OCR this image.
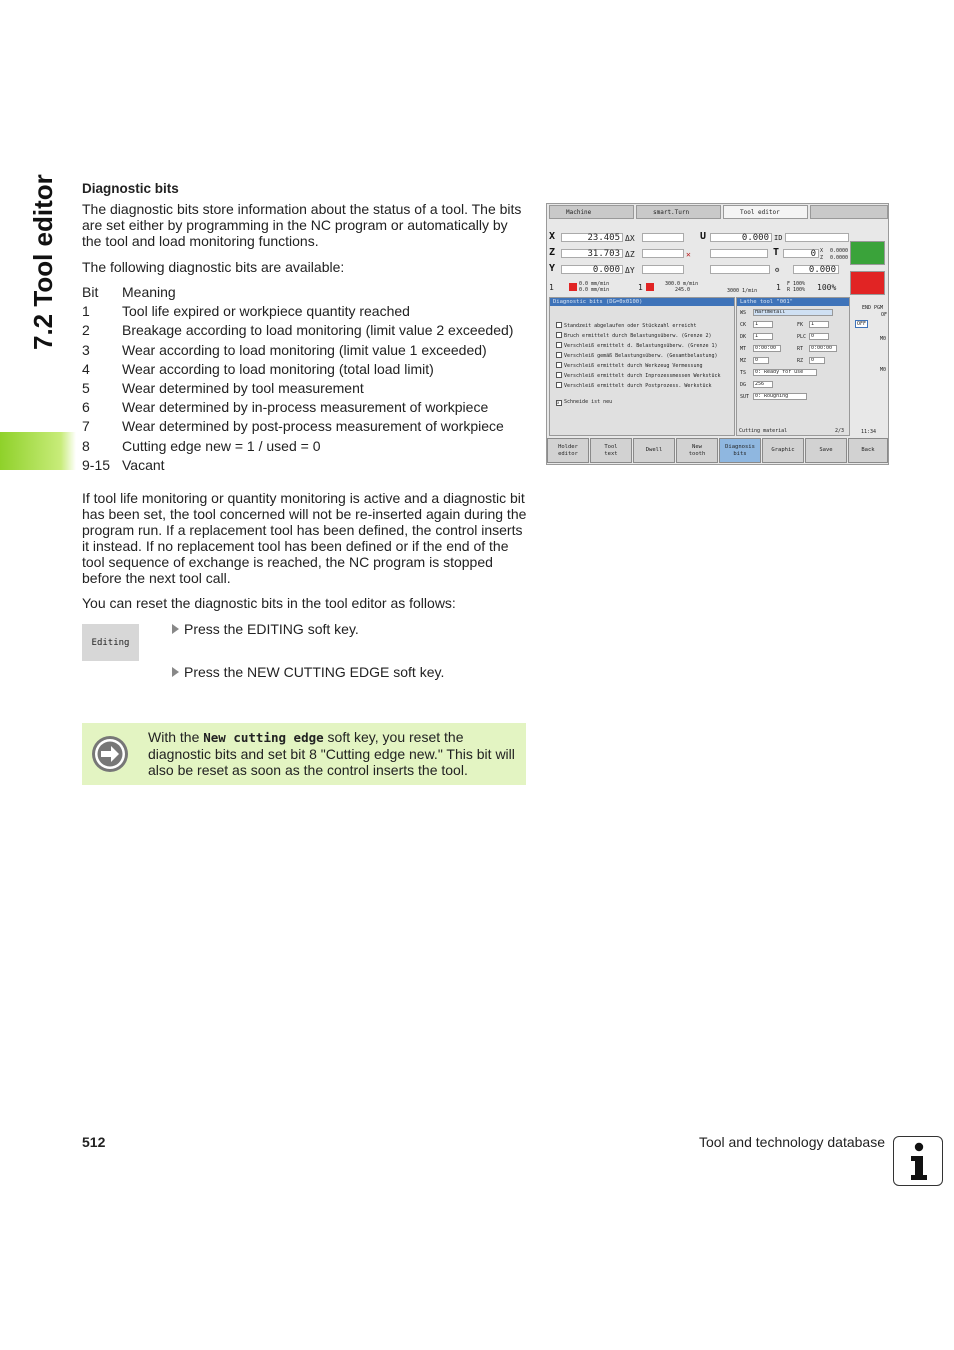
7.2 Tool editor Diagnostic bits
The diagnostic bits store information about the status of a tool. The bits are set either by programming in the NC program or automatically by the tool and load monitoring functions.
The following diagnostic bits are available:
Bit Meaning
1 Tool life expired or workpiece quantity reached
2 Breakage according to load monitoring (limit value 2 exceeded)
3 Wear according to load monitoring (limit value 1 exceeded)
4 Wear according to load monitoring (total load limit)
5 Wear determined by tool measurement
6 Wear determined by in-process measurement of workpiece
7 Wear determined by post-process measurement of workpiece
8 Cutting edge new = 1 / used = 0
9-15 Vacant
If tool life monitoring or quantity monitoring is active and a diagnostic bit has been set, the tool concerned will not be re-inserted again during the program run. If a replacement tool has been defined, the control inserts it instead. If no replacement tool has been defined or if the end of the tool sequence of exchange is reached, the NC program is stopped before the next tool call.
You can reset the diagnostic bits in the tool editor as follows:
Editing
Press the EDITING soft key.
Press the NEW CUTTING EDGE soft key.
With the New cutting edge soft key, you reset the diagnostic bits and set bit 8 "Cutting edge new." This bit will also be reset as soon as the control inserts the tool.
512	Tool and technology database
Machine	smart.Turn	Tool editor
X	23.405 ΔX
Z	31.703 ΔZ
Y	0.000 ΔY
U	0.000 ID
✕	T	0 X 0.0000
Z 0.0000
⚙	0.000
1	0.0 mm/min
0.0 mm/min	1	300.0 m/min
245.0	3000 1/min 1 F 100%
R 100% 100%
Diagnostic bits (DG=0x0100)
Standzeit abgelaufen oder Stückzahl erreicht
Bruch ermittelt durch Belastungsüberw. (Grenze 2)
Verschleiß ermittelt d. Belastungsüberw. (Grenze 1)
Verschleiß gemäß Belastungsüberw. (Gesamtbelastung)
Verschleiß ermittelt durch Werkzeug Vermessung
Verschleiß ermittelt durch Inprozessmessen Werkstück
Verschleiß ermittelt durch Postprozess. Werkstück
x Schneide ist neu
Lathe tool "001"
WS	Hartmetall
CK	1	FK	1
DK	1	PLC 0
MT	0:00:00	RT	0:00:00
MZ	0	RZ	0
TS	0: Ready for use
DG	256
SUT	0: Roughing
Cutting material	2/3
END PGM
OFF
OF
M0
M0
11:34
Holder
editor
Tool
text
Dwell
New
tooth
Diagnosis
bits
Graphic	Save	Back
